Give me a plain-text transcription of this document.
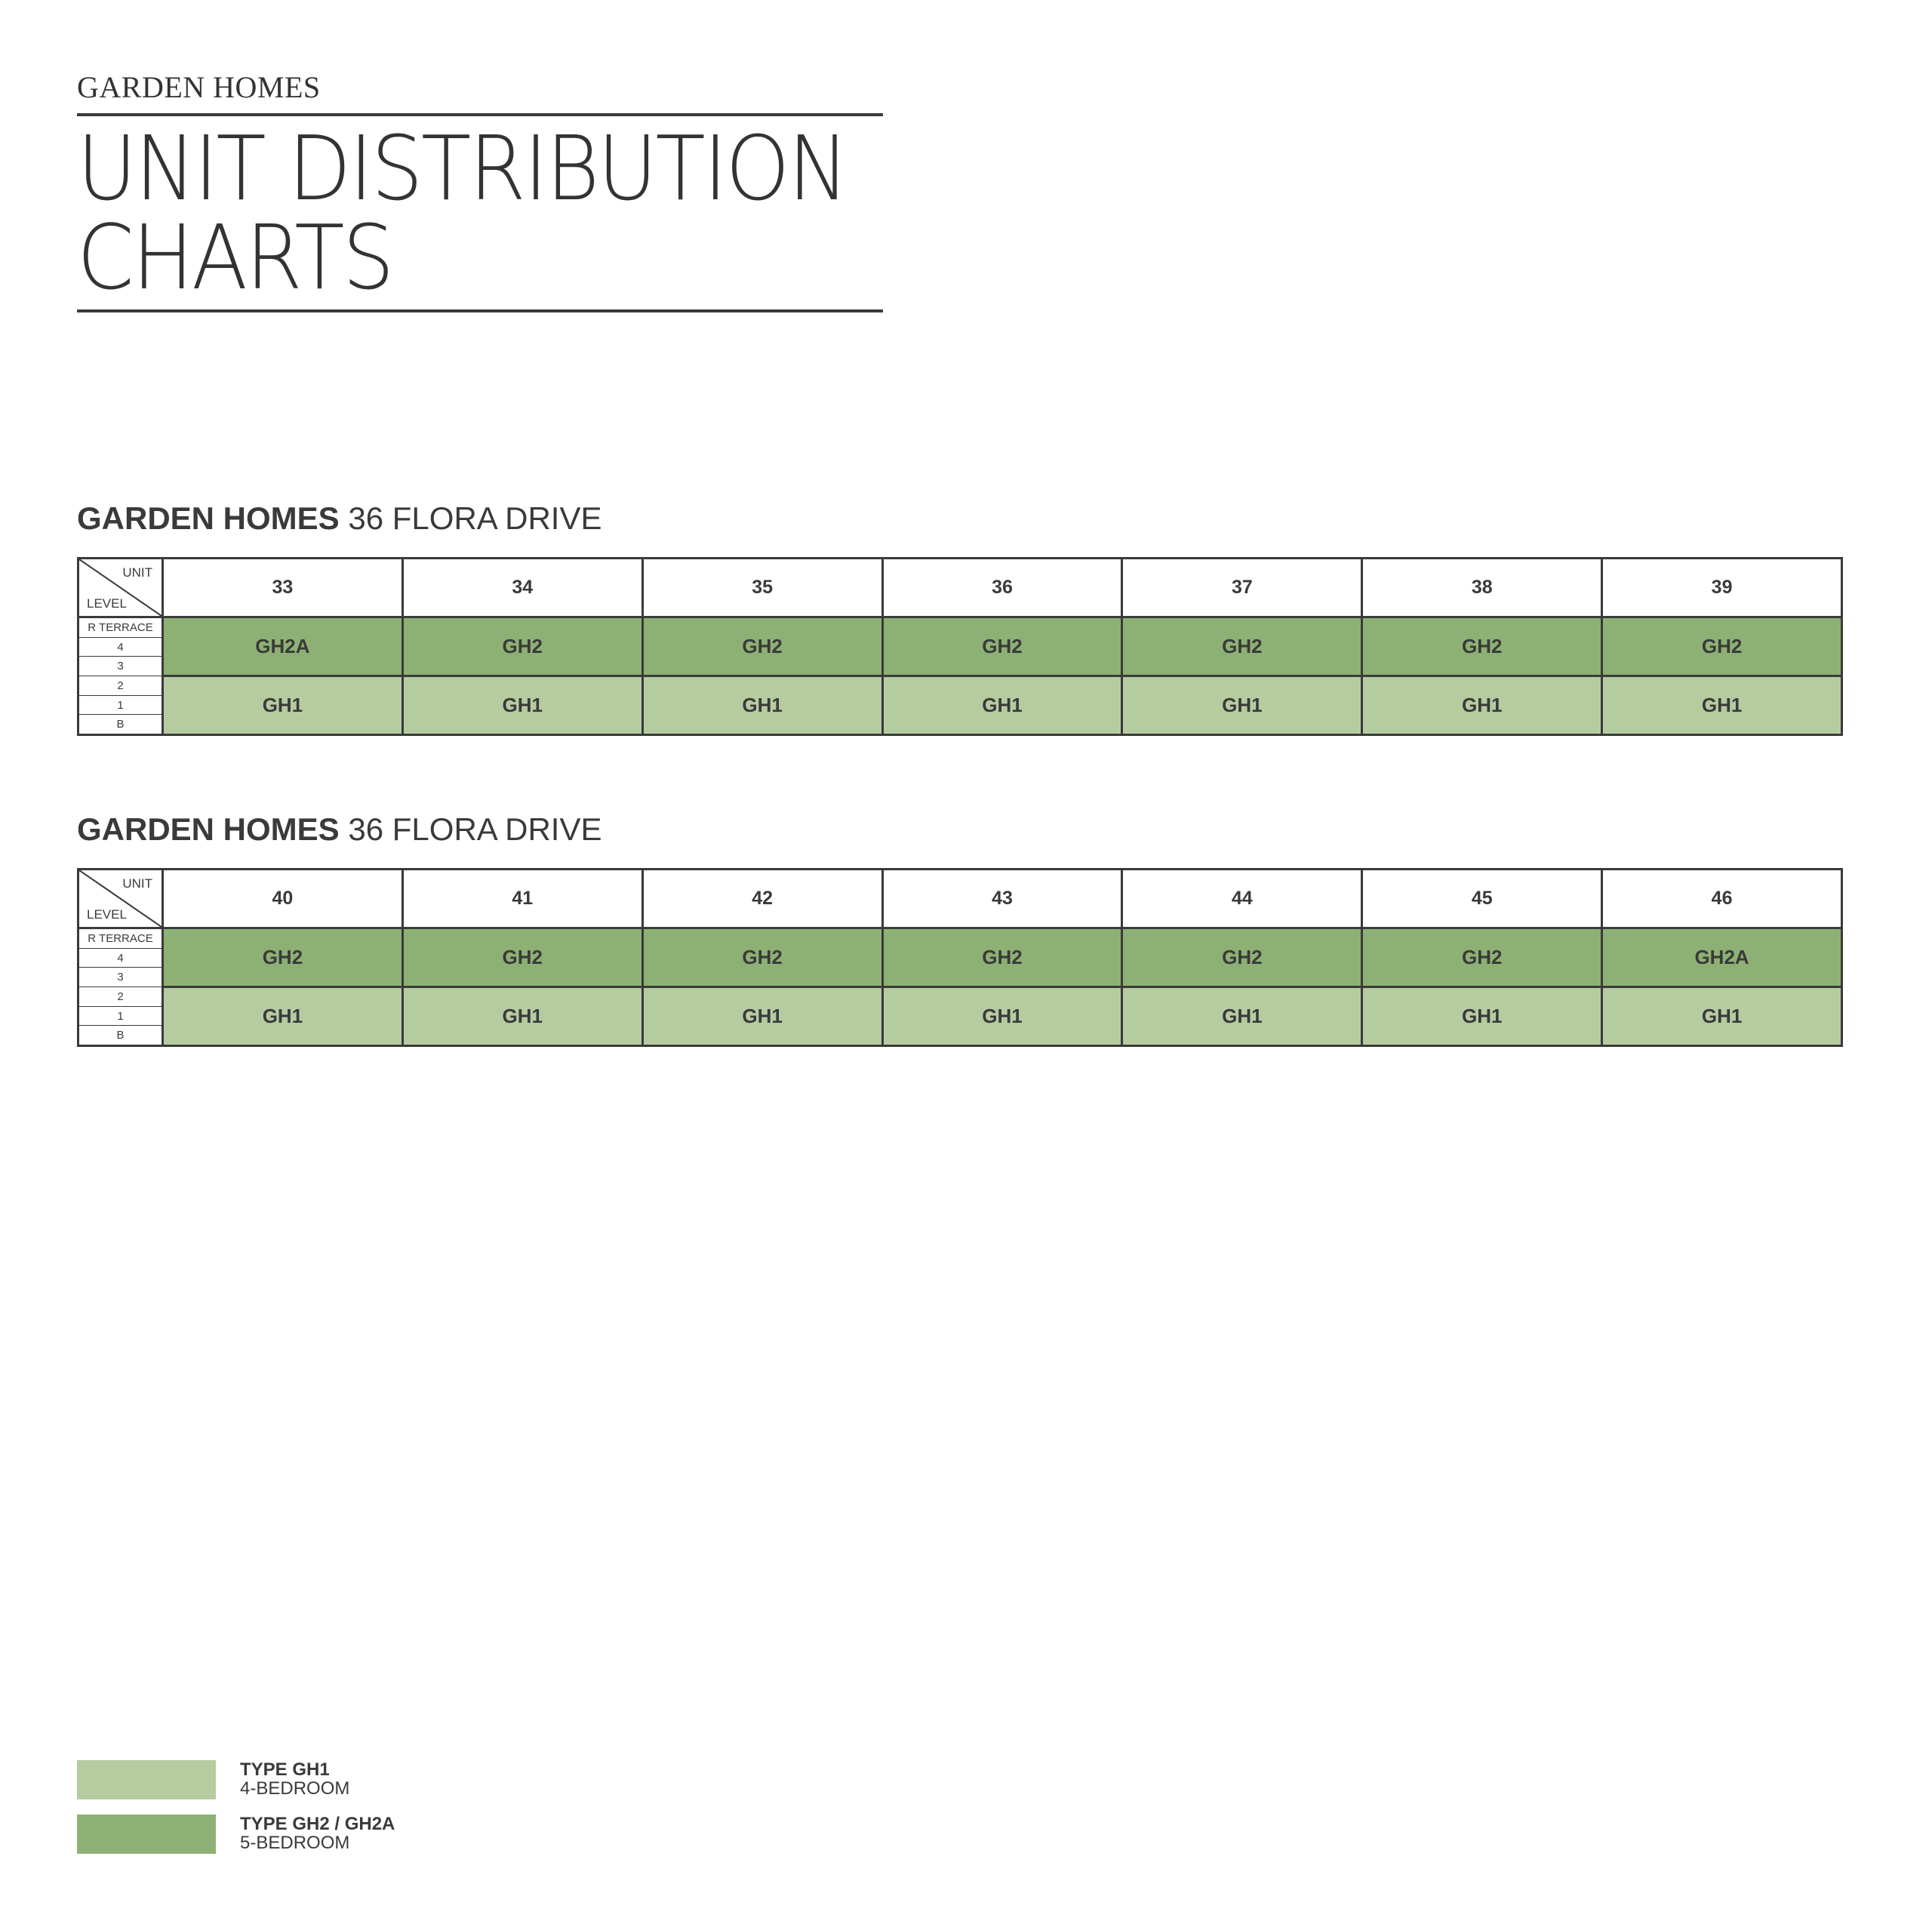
GARDEN HOMES
UNIT DISTRIBUTION
CHARTS
GARDEN HOMES 36 FLORA DRIVE
UNIT
LEVEL
R TERRACE
4
3
2
1
B
33
GH2A
GH1
34
GH2
GH1
35
GH2
GH1
36
GH2
GH1
37
GH2
GH1
38
GH2
GH1
39
GH2
GH1
GARDEN HOMES 36 FLORA DRIVE
UNIT
LEVEL
R TERRACE
4
3
2
1
B
40
GH2
GH1
41
GH2
GH1
42
GH2
GH1
43
GH2
GH1
44
GH2
GH1
45
GH2
GH1
46
GH2A
GH1
TYPE GH1
4-BEDROOM
TYPE GH2 / GH2A
5-BEDROOM
